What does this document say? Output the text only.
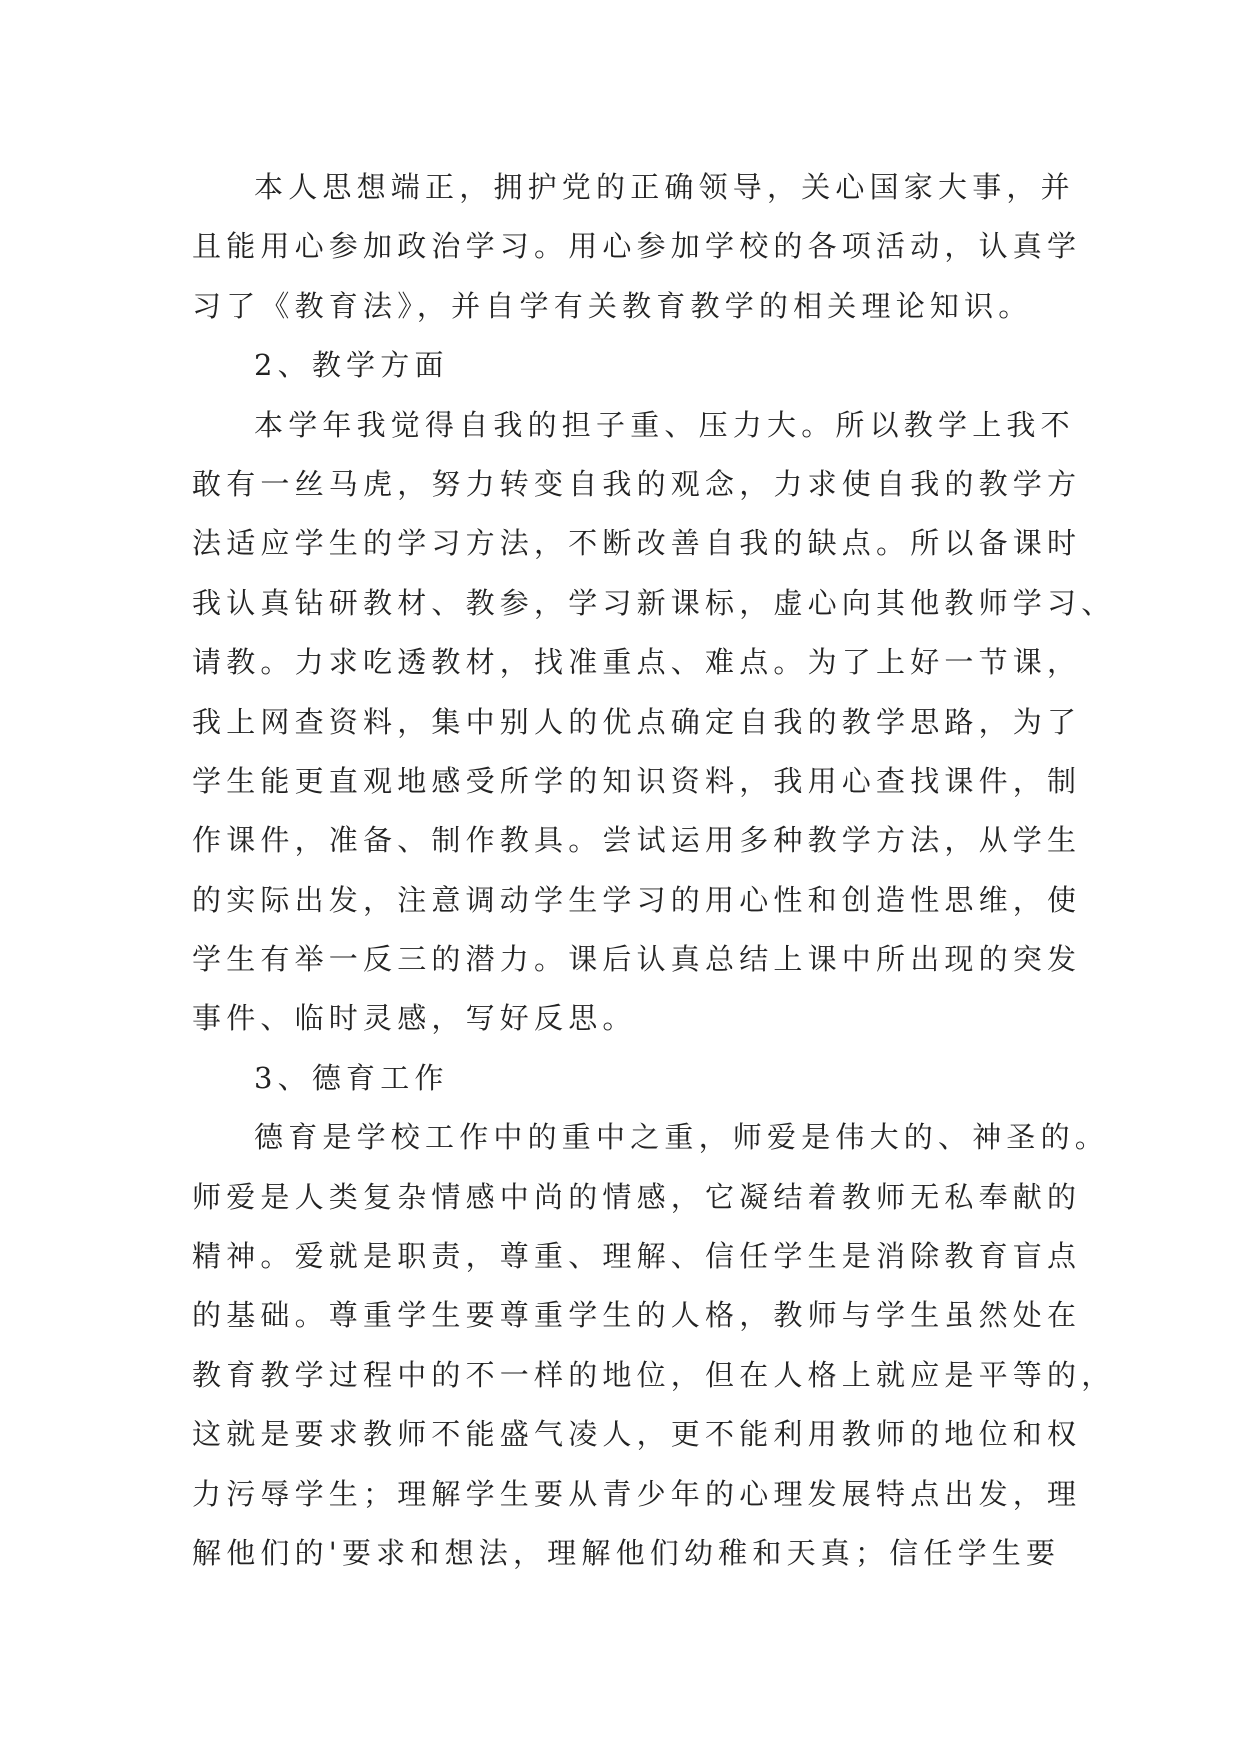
本人思想端正，拥护党的正确领导，关心国家大事，并
且能用心参加政治学习。用心参加学校的各项活动，认真学
习了《教育法》，并自学有关教育教学的相关理论知识。
2、教学方面
本学年我觉得自我的担子重、压力大。所以教学上我不
敢有一丝马虎，努力转变自我的观念，力求使自我的教学方
法适应学生的学习方法，不断改善自我的缺点。所以备课时
我认真钻研教材、教参，学习新课标，虚心向其他教师学习、
请教。力求吃透教材，找准重点、难点。为了上好一节课，
我上网查资料，集中别人的优点确定自我的教学思路，为了
学生能更直观地感受所学的知识资料，我用心查找课件，制
作课件，准备、制作教具。尝试运用多种教学方法，从学生
的实际出发，注意调动学生学习的用心性和创造性思维，使
学生有举一反三的潜力。课后认真总结上课中所出现的突发
事件、临时灵感，写好反思。
3、德育工作
德育是学校工作中的重中之重，师爱是伟大的、神圣的。
师爱是人类复杂情感中尚的情感，它凝结着教师无私奉献的
精神。爱就是职责，尊重、理解、信任学生是消除教育盲点
的基础。尊重学生要尊重学生的人格，教师与学生虽然处在
教育教学过程中的不一样的地位，但在人格上就应是平等的，
这就是要求教师不能盛气凌人，更不能利用教师的地位和权
力污辱学生；理解学生要从青少年的心理发展特点出发，理
解他们的'要求和想法，理解他们幼稚和天真；信任学生要
